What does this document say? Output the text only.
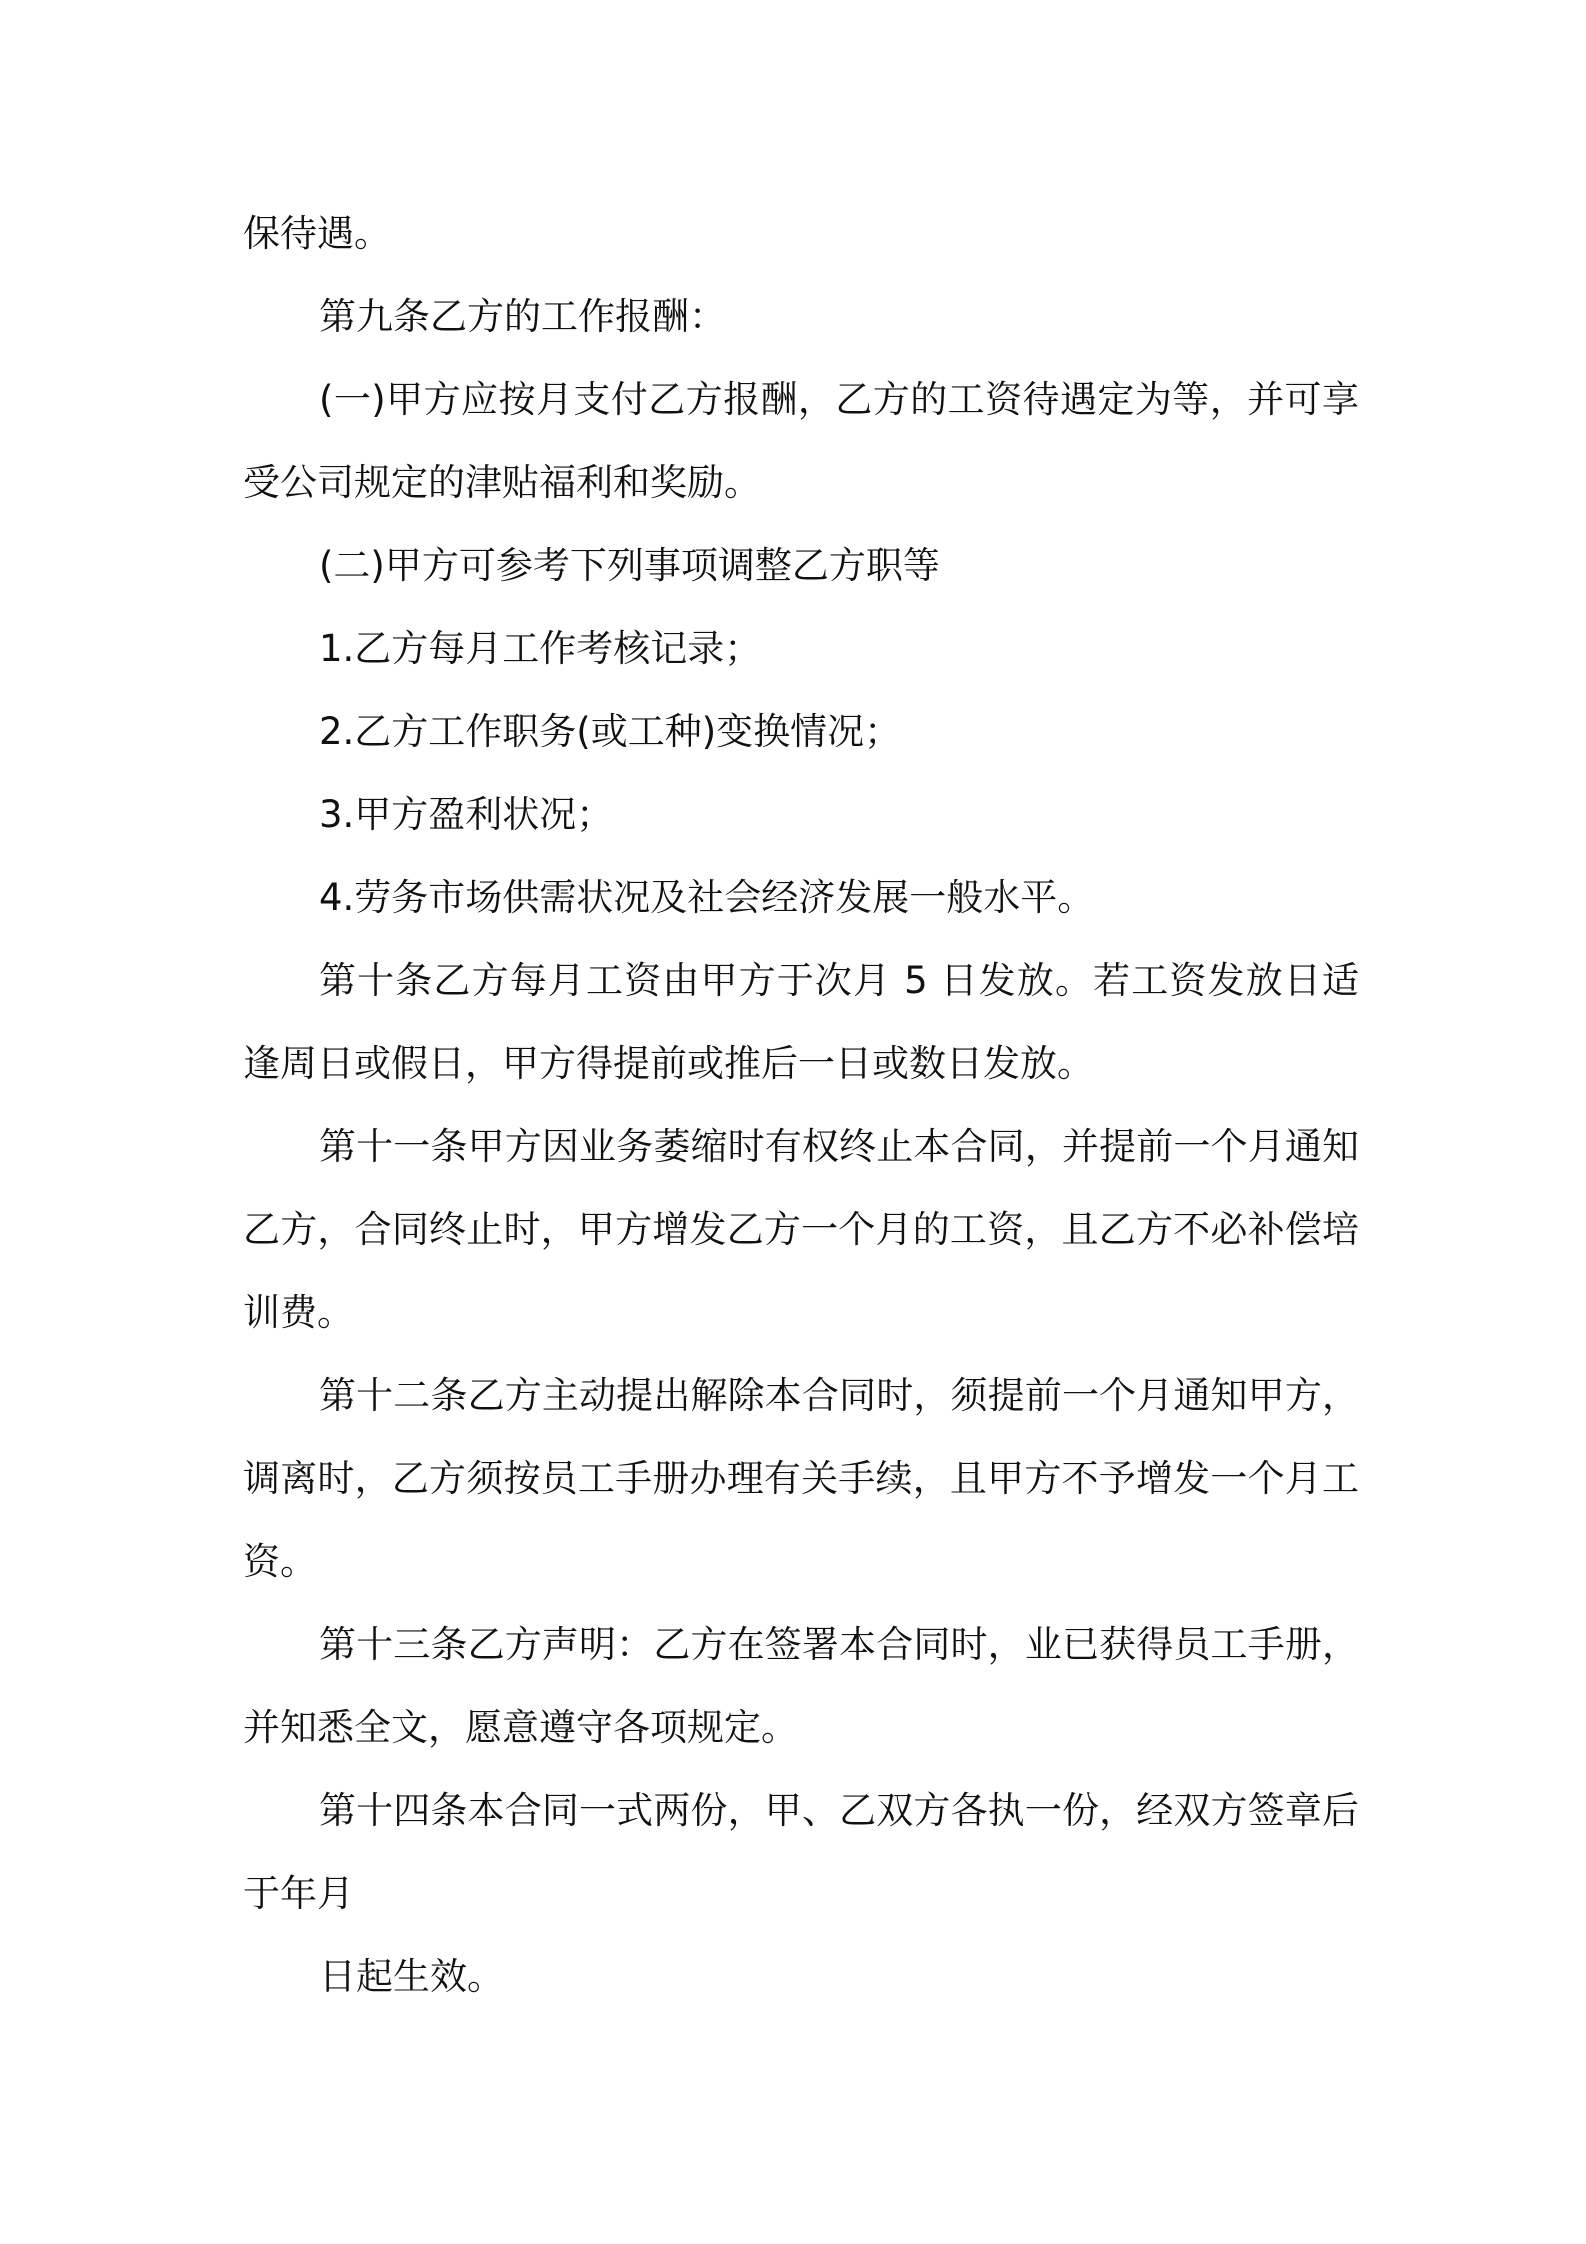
保待遇。

第九条乙方的工作报酬：

(一)甲方应按月支付乙方报酬，乙方的工资待遇定为等，并可享受公司规定的津贴福利和奖励。

(二)甲方可参考下列事项调整乙方职等

1.乙方每月工作考核记录；

2.乙方工作职务(或工种)变换情况；

3.甲方盈利状况；

4.劳务市场供需状况及社会经济发展一般水平。

第十条乙方每月工资由甲方于次月 5 日发放。若工资发放日适逢周日或假日，甲方得提前或推后一日或数日发放。

第十一条甲方因业务萎缩时有权终止本合同，并提前一个月通知乙方，合同终止时，甲方增发乙方一个月的工资，且乙方不必补偿培训费。

第十二条乙方主动提出解除本合同时，须提前一个月通知甲方，调离时，乙方须按员工手册办理有关手续，且甲方不予增发一个月工资。

第十三条乙方声明：乙方在签署本合同时，业已获得员工手册，并知悉全文，愿意遵守各项规定。

第十四条本合同一式两份，甲、乙双方各执一份，经双方签章后于年月

日起生效。
